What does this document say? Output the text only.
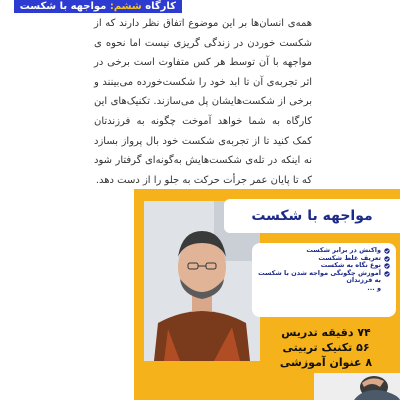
کارگاه ششم: مواجهه با شکست
همه‌ی انسان‌ها بر این موضوع اتفاق نظر دارند که از شکست خوردن در زندگی گریزی نیست اما نحوه ی مواجهه با آن توسط هر کس متفاوت است برخی در اثر تجربه‌ی آن تا ابد خود را شکست‌خورده می‌بینند و برخی از شکست‌هایشان پل می‌سازند. تکنیک‌های این کارگاه به شما خواهد آموخت چگونه به فرزندتان کمک کنید تا از تجربه‌ی شکست خود بال پرواز بسازد نه اینکه در تله‌ی شکست‌هایش به‌گونه‌ای گرفتار شود که تا پایان عمر جرأت حرکت به جلو را از دست دهد.
مواجهه با شکست
واکنش در برابر شکست
تعریف غلط شکست
نوع نگاه به شکست
آموزش چگونگی مواجه شدن با شکست به فرزندان
و ...
۷۴ دقیقه تدریس
۵۶ تکنیک تربیتی
۸ عنوان آموزشی
